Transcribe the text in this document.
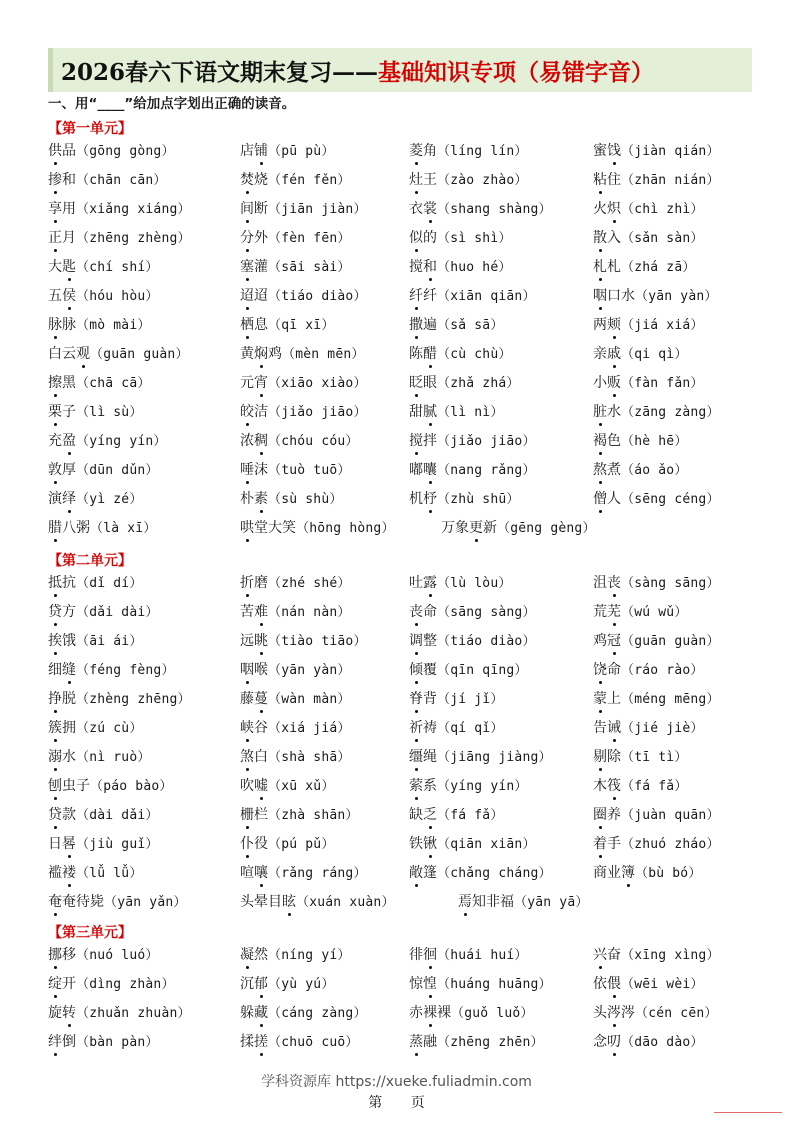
2026春六下语文期末复习—— 基础知识专项（易错字音）
一、用“____”给加点字划出正确的读音。
【第一单元】
供品（gōng gòng）	店铺（pū pù）	菱角（líng lín）	蜜饯（jiàn qián）
掺和（chān cān）	焚烧（fén fěn）	灶王（zào zhào）	粘住（zhān nián）
享用（xiǎng xiáng）	间断（jiān jiàn）	衣裳（shang shàng）	火炽（chì zhì）
正月（zhēng zhèng）	分外（fèn fēn）	似的（sì shì）	散入（sǎn sàn）
大匙（chí shí）	塞灌（sāi sài）	搅和（huo hé）	札札（zhá zā）
五侯（hóu hòu）	迢迢（tiáo diào）	纤纤（xiān qiān）	咽口水（yān yàn）
脉脉（mò mài）	栖息（qī xī）	撒遍（sǎ sā）	两颊（jiá xiá）
白云观（guān guàn）	黄焖鸡（mèn mēn）	陈醋（cù chù）	亲戚（qi qì）
擦黑（chā cā）	元宵（xiāo xiào）	眨眼（zhǎ zhá）	小贩（fàn fǎn）
栗子（lì sù）	皎洁（jiǎo jiāo）	甜腻（lì nì）	脏水（zāng zàng）
充盈（yíng yín）	浓稠（chóu cóu）	搅拌（jiǎo jiāo）	褐色（hè hē）
敦厚（dūn dǔn）	唾沫（tuò tuō）	嘟囔（nang rǎng）	熬煮（áo ǎo）
演绎（yì zé）	朴素（sù shù）	机杼（zhù shū）	僧人（sēng céng）
腊八粥（là xī）	哄堂大笑（hōng hòng）	万象更新（gēng gèng）
【第二单元】
抵抗（dǐ dí）	折磨（zhé shé）	吐露（lù lòu）	沮丧（sàng sāng）
贷方（dǎi dài）	苦难（nán nàn）	丧命（sāng sàng）	荒芜（wú wǔ）
挨饿（āi ái）	远眺（tiào tiāo）	调整（tiáo diào）	鸡冠（guān guàn）
细缝（féng fèng）	咽喉（yān yàn）	倾覆（qīn qīng）	饶命（ráo rào）
挣脱（zhèng zhēng）	藤蔓（wàn màn）	脊背（jí jǐ）	蒙上（méng mēng）
簇拥（zú cù）	峡谷（xiá jiá）	祈祷（qí qǐ）	告诫（jié jiè）
溺水（nì ruò）	煞白（shà shā）	缰绳（jiāng jiàng）	剔除（tī tì）
刨虫子（páo bào）	吹嘘（xū xǔ）	萦系（yíng yín）	木筏（fá fǎ）
贷款（dài dǎi）	栅栏（zhà shān）	缺乏（fá fǎ）	圈养（juàn quān）
日晷（jiù guǐ）	仆役（pú pǔ）	铁锹（qiān xiān）	着手（zhuó zháo）
褴褛（lǚ lǚ）	喧嚷（rǎng ráng）	敞篷（chǎng cháng）	商业簿（bù bó）
奄奄待毙（yān yǎn）	头晕目眩（xuán xuàn）	焉知非福（yān yā）
【第三单元】
挪移（nuó luó）	凝然（níng yí）	徘徊（huái huí）	兴奋（xīng xìng）
绽开（dìng zhàn）	沉郁（yù yú）	惊惶（huáng huāng）	依偎（wēi wèi）
旋转（zhuǎn zhuàn）	躲藏（cáng zàng）	赤裸裸（guǒ luǒ）	头涔涔（cén cēn）
绊倒（bàn pàn）	揉搓（chuō cuō）	蒸融（zhēng zhēn）	念叨（dāo dào）
学科资源库 https://xueke.fuliadmin.com
第 页
